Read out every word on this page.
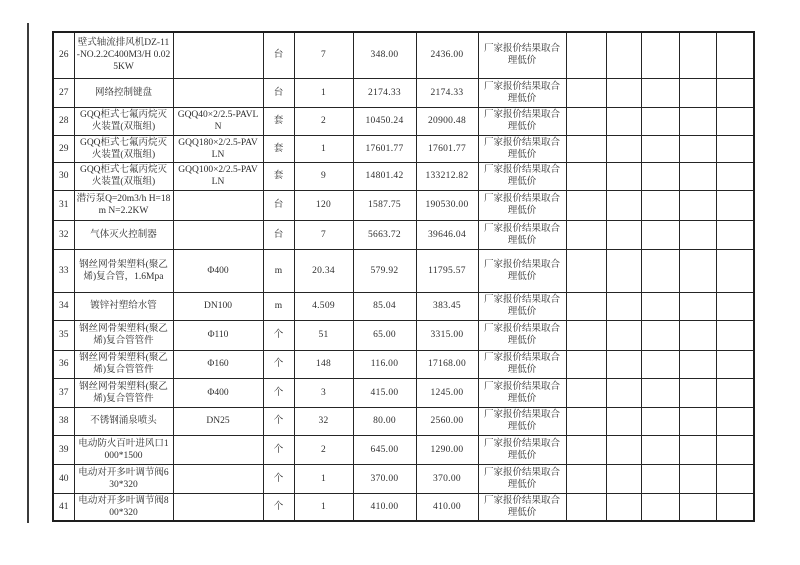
26	壁式轴流排风机DZ-11-NO.2.2C400M3/H 0.025KW		台	7	348.00	2436.00	厂家报价结果取合理低价					
27	网络控制键盘		台	1	2174.33	2174.33	厂家报价结果取合理低价					
28	GQQ柜式七氟丙烷灭火装置(双瓶组)	GQQ40×2/2.5-PAVLN	套	2	10450.24	20900.48	厂家报价结果取合理低价					
29	GQQ柜式七氟丙烷灭火装置(双瓶组)	GQQ180×2/2.5-PAVLN	套	1	17601.77	17601.77	厂家报价结果取合理低价					
30	GQQ柜式七氟丙烷灭火装置(双瓶组)	GQQ100×2/2.5-PAVLN	套	9	14801.42	133212.82	厂家报价结果取合理低价					
31	潜污泵Q=20m3/h H=18m N=2.2KW		台	120	1587.75	190530.00	厂家报价结果取合理低价					
32	气体灭火控制器		台	7	5663.72	39646.04	厂家报价结果取合理低价					
33	钢丝网骨架塑料(聚乙烯)复合管，1.6Mpa	Φ400	m	20.34	579.92	11795.57	厂家报价结果取合理低价					
34	镀锌衬塑给水管	DN100	m	4.509	85.04	383.45	厂家报价结果取合理低价					
35	钢丝网骨架塑料(聚乙烯)复合管管件	Φ110	个	51	65.00	3315.00	厂家报价结果取合理低价					
36	钢丝网骨架塑料(聚乙烯)复合管管件	Φ160	个	148	116.00	17168.00	厂家报价结果取合理低价					
37	钢丝网骨架塑料(聚乙烯)复合管管件	Φ400	个	3	415.00	1245.00	厂家报价结果取合理低价					
38	不锈钢涌泉喷头	DN25	个	32	80.00	2560.00	厂家报价结果取合理低价					
39	电动防火百叶进风口1000*1500		个	2	645.00	1290.00	厂家报价结果取合理低价					
40	电动对开多叶调节阀630*320		个	1	370.00	370.00	厂家报价结果取合理低价					
41	电动对开多叶调节阀800*320		个	1	410.00	410.00	厂家报价结果取合理低价					
